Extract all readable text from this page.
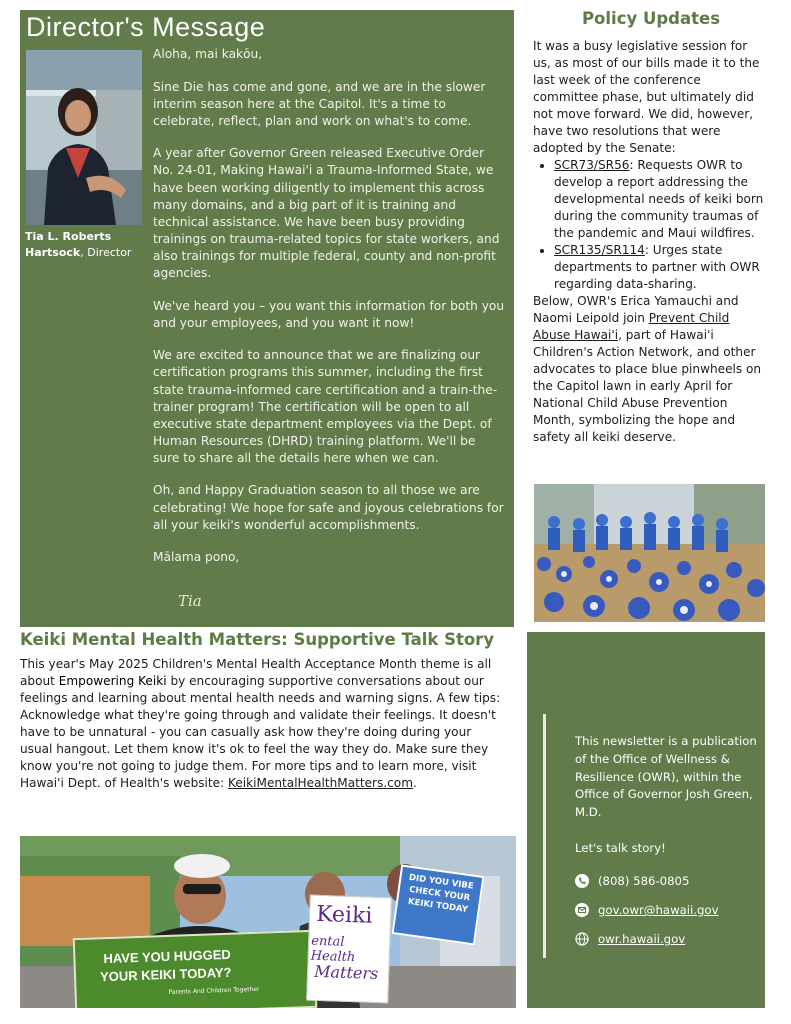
Director's Message
Tia L. Roberts Hartsock, Director

Aloha, mai kakōu,

Sine Die has come and gone, and we are in the slower interim season here at the Capitol. It's a time to celebrate, reflect, plan and work on what's to come.

A year after Governor Green released Executive Order No. 24-01, Making Hawai'i a Trauma-Informed State, we have been working diligently to implement this across many domains, and a big part of it is training and technical assistance. We have been busy providing trainings on trauma-related topics for state workers, and also trainings for multiple federal, county and non-profit agencies.

We've heard you – you want this information for both you and your employees, and you want it now!

We are excited to announce that we are finalizing our certification programs this summer, including the first state trauma-informed care certification and a train-the-trainer program! The certification will be open to all executive state department employees via the Dept. of Human Resources (DHRD) training platform. We'll be sure to share all the details here when we can.

Oh, and Happy Graduation season to all those we are celebrating! We hope for safe and joyous celebrations for all your keiki's wonderful accomplishments.

Mālama pono,

Tia
Policy Updates

It was a busy legislative session for us, as most of our bills made it to the last week of the conference committee phase, but ultimately did not move forward. We did, however, have two resolutions that were adopted by the Senate:

• SCR73/SR56: Requests OWR to develop a report addressing the developmental needs of keiki born during the community traumas of the pandemic and Maui wildfires.
• SCR135/SR114: Urges state departments to partner with OWR regarding data-sharing.

Below, OWR's Erica Yamauchi and Naomi Leipold join Prevent Child Abuse Hawai'i, part of Hawai'i Children's Action Network, and other advocates to place blue pinwheels on the Capitol lawn in early April for National Child Abuse Prevention Month, symbolizing the hope and safety all keiki deserve.

Keiki Mental Health Matters: Supportive Talk Story
This year's May 2025 Children's Mental Health Acceptance Month theme is all about Empowering Keiki by encouraging supportive conversations about our feelings and learning about mental health needs and warning signs. A few tips: Acknowledge what they're going through and validate their feelings. It doesn't have to be unnatural - you can casually ask how they're doing during your usual hangout. Let them know it's ok to feel the way they do. Make sure they know you're not going to judge them. For more tips and to learn more, visit Hawai'i Dept. of Health's website: KeikiMentalHealthMatters.com.
HAVE YOU HUGGED
YOUR KEIKI TODAY?
Parents And Children Together
Keiki
ental Health
Matters
DID YOU VIBE CHECK YOUR KEIKI TODAY
This newsletter is a publication of the Office of Wellness & Resilience (OWR), within the Office of Governor Josh Green, M.D.
Let's talk story!
(808) 586-0805
gov.owr@hawaii.gov
owr.hawaii.gov
